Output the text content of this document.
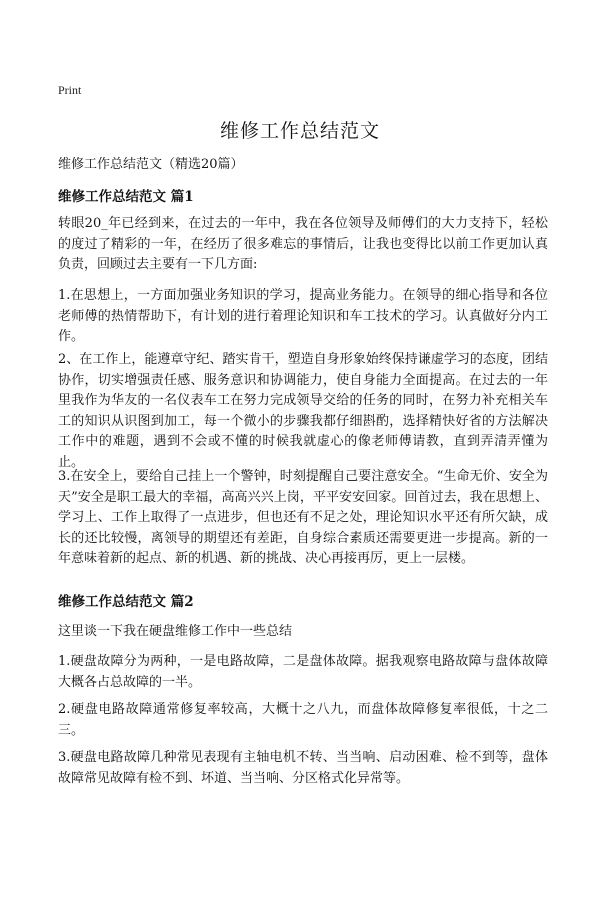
Print
维修工作总结范文

维修工作总结范文（精选20篇）

维修工作总结范文 篇1

转眼20_年已经到来，在过去的一年中，我在各位领导及师傅们的大力支持下，轻松的度过了精彩的一年，在经历了很多难忘的事情后，让我也变得比以前工作更加认真负责，回顾过去主要有一下几方面:

1.在思想上，一方面加强业务知识的学习，提高业务能力。在领导的细心指导和各位老师傅的热情帮助下，有计划的进行着理论知识和车工技术的学习。认真做好分内工作。

2、在工作上，能遵章守纪、踏实肯干，塑造自身形象始终保持谦虚学习的态度，团结协作，切实增强责任感、服务意识和协调能力，使自身能力全面提高。在过去的一年里我作为华友的一名仪表车工在努力完成领导交给的任务的同时，在努力补充相关车工的知识从识图到加工，每一个微小的步骤我都仔细斟酌，选择精快好省的方法解决工作中的难题，遇到不会或不懂的时候我就虚心的像老师傅请教，直到弄清弄懂为止。

3.在安全上，要给自己挂上一个警钟，时刻提醒自己要注意安全。“生命无价、安全为天”安全是职工最大的幸福，高高兴兴上岗，平平安安回家。回首过去，我在思想上、学习上、工作上取得了一点进步，但也还有不足之处，理论知识水平还有所欠缺，成长的还比较慢，离领导的期望还有差距，自身综合素质还需要更进一步提高。新的一年意味着新的起点、新的机遇、新的挑战、决心再接再厉，更上一层楼。

维修工作总结范文 篇2

这里谈一下我在硬盘维修工作中一些总结

1.硬盘故障分为两种，一是电路故障，二是盘体故障。据我观察电路故障与盘体故障大概各占总故障的一半。

2.硬盘电路故障通常修复率较高，大概十之八九，而盘体故障修复率很低，十之二三。

3.硬盘电路故障几种常见表现有主轴电机不转、当当响、启动困难、检不到等，盘体故障常见故障有检不到、坏道、当当响、分区格式化异常等。
